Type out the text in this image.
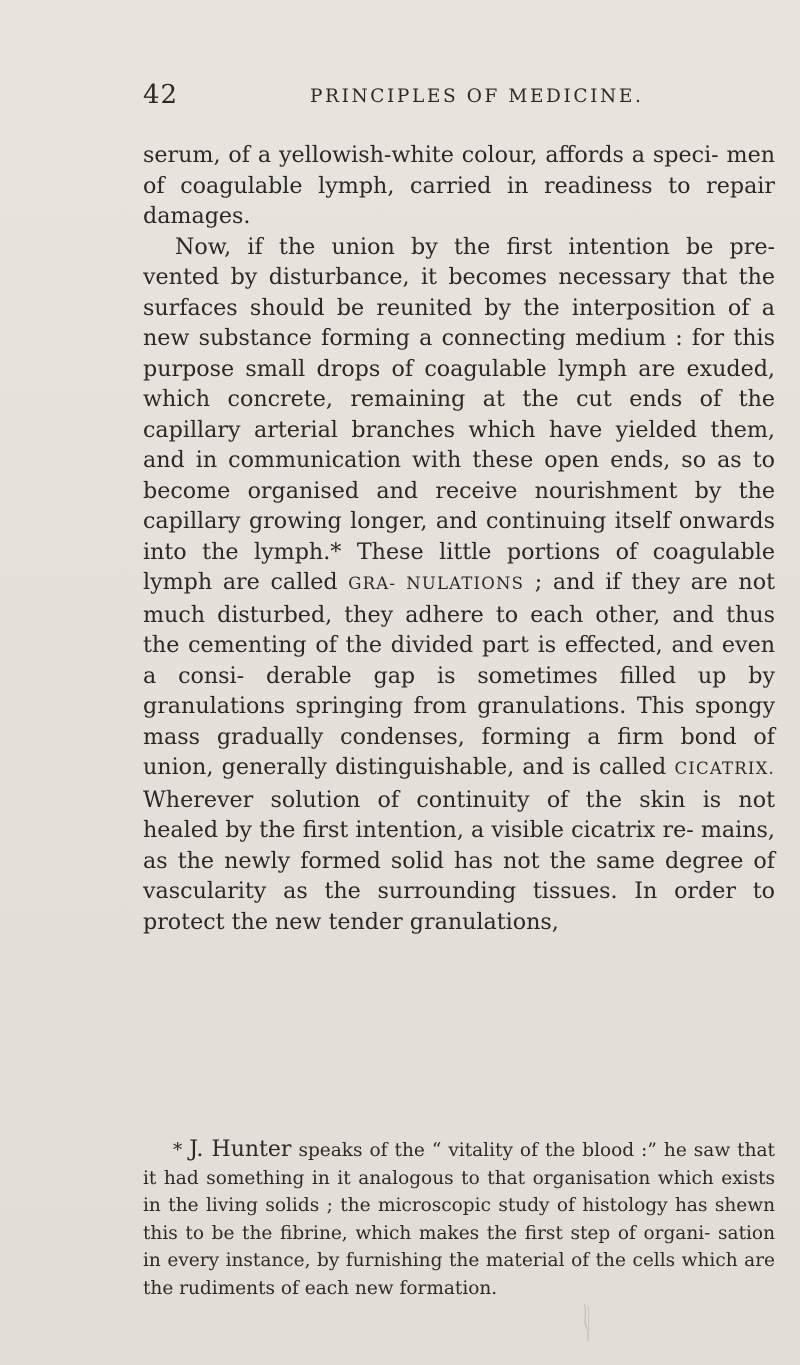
42	PRINCIPLES OF MEDICINE.

serum, of a yellowish-white colour, affords a speci- men of coagulable lymph, carried in readiness to repair damages.

Now, if the union by the first intention be pre- vented by disturbance, it becomes necessary that the surfaces should be reunited by the interposition of a new substance forming a connecting medium : for this purpose small drops of coagulable lymph are exuded, which concrete, remaining at the cut ends of the capillary arterial branches which have yielded them, and in communication with these open ends, so as to become organised and receive nourishment by the capillary growing longer, and continuing itself onwards into the lymph.* These little portions of coagulable lymph are called GRA- NULATIONS ; and if they are not much disturbed, they adhere to each other, and thus the cementing of the divided part is effected, and even a consi- derable gap is sometimes filled up by granulations springing from granulations. This spongy mass gradually condenses, forming a firm bond of union, generally distinguishable, and is called CICATRIX. Wherever solution of continuity of the skin is not healed by the first intention, a visible cicatrix re- mains, as the newly formed solid has not the same degree of vascularity as the surrounding tissues. In order to protect the new tender granulations,

* J. Hunter speaks of the “ vitality of the blood :” he saw that it had something in it analogous to that organisation which exists in the living solids ; the microscopic study of histology has shewn this to be the fibrine, which makes the first step of organi- sation in every instance, by furnishing the material of the cells which are the rudiments of each new formation.
